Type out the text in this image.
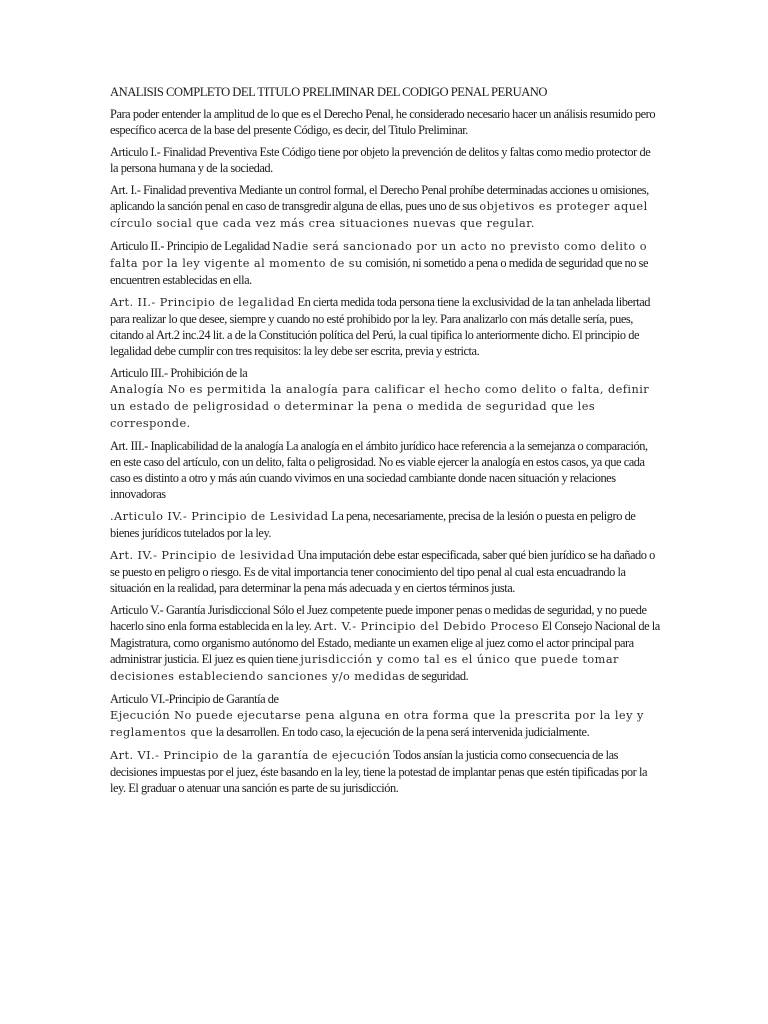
ANALISIS COMPLETO DEL TITULO PRELIMINAR DEL CODIGO PENAL PERUANO

Para poder entender la amplitud de lo que es el Derecho Penal, he considerado necesario hacer un análisis resumido pero específico acerca de la base del presente Código, es decir, del Titulo Preliminar.

Articulo I.- Finalidad Preventiva Este Código tiene por objeto la prevención de delitos y faltas como medio protector de la persona humana y de la sociedad.

Art. I.- Finalidad preventiva Mediante un control formal, el Derecho Penal prohíbe determinadas acciones u omisiones, aplicando la sanción penal en caso de transgredir alguna de ellas, pues uno de sus objetivos es proteger aquel círculo social que cada vez más crea situaciones nuevas que regular.

Articulo II.- Principio de Legalidad Nadie será sancionado por un acto no previsto como delito o falta por la ley vigente al momento de su comisión, ni sometido a pena o medida de seguridad que no se encuentren establecidas en ella.

Art. II.- Principio de legalidad En cierta medida toda persona tiene la exclusividad de la tan anhelada libertad para realizar lo que desee, siempre y cuando no esté prohibido por la ley. Para analizarlo con más detalle sería, pues, citando al Art.2 inc.24 lit. a de la Constitución política del Perú, la cual tipifica lo anteriormente dicho. El principio de legalidad debe cumplir con tres requisitos: la ley debe ser escrita, previa y estricta.

Articulo III.- Prohibición de la
Analogía No es permitida la analogía para calificar el hecho como delito o falta, definir un estado de peligrosidad o determinar la pena o medida de seguridad que les corresponde.

Art. III.- Inaplicabilidad de la analogía La analogía en el ámbito jurídico hace referencia a la semejanza o comparación, en este caso del artículo, con un delito, falta o peligrosidad. No es viable ejercer la analogía en estos casos, ya que cada caso es distinto a otro y más aún cuando vivimos en una sociedad cambiante donde nacen situación y relaciones innovadoras

.Articulo IV.- Principio de Lesividad La pena, necesariamente, precisa de la lesión o puesta en peligro de bienes jurídicos tutelados por la ley.

Art. IV.- Principio de lesividad Una imputación debe estar especificada, saber qué bien jurídico se ha dañado o se puesto en peligro o riesgo. Es de vital importancia tener conocimiento del tipo penal al cual esta encuadrando la situación en la realidad, para determinar la pena más adecuada y en ciertos términos justa.

Articulo V.- Garantía Jurisdiccional Sólo el Juez competente puede imponer penas o medidas de seguridad, y no puede hacerlo sino enla forma establecida en la ley. Art. V.- Principio del Debido Proceso El Consejo Nacional de la Magistratura, como organismo autónomo del Estado, mediante un examen elige al juez como el actor principal para administrar justicia. El juez es quien tiene jurisdicción y como tal es el único que puede tomar decisiones estableciendo sanciones y/o medidas de seguridad.

Articulo VI.-Principio de Garantía de
Ejecución No puede ejecutarse pena alguna en otra forma que la prescrita por la ley y reglamentos que la desarrollen. En todo caso, la ejecución de la pena será intervenida judicialmente.

Art. VI.- Principio de la garantía de ejecución Todos ansían la justicia como consecuencia de las decisiones impuestas por el juez, éste basando en la ley, tiene la potestad de implantar penas que estén tipificadas por la ley. El graduar o atenuar una sanción es parte de su jurisdicción.
